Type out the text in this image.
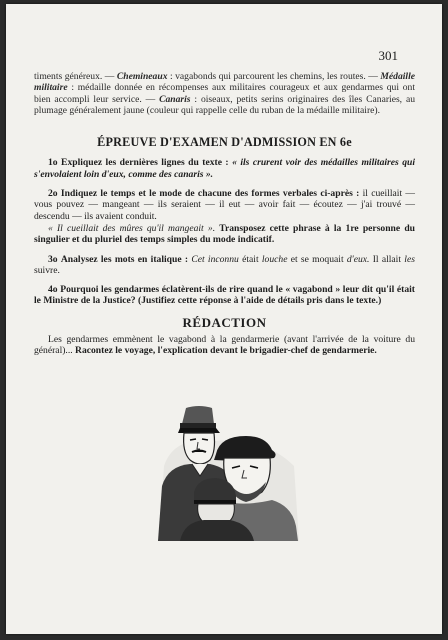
301
timents généreux. — Chemineaux : vagabonds qui parcourent les chemins, les routes. — Médaille militaire : médaille donnée en récompenses aux militaires courageux et aux gendarmes qui ont bien accompli leur service. — Canaris : oiseaux, petits serins originaires des îles Canaries, au plumage généralement jaune (couleur qui rappelle celle du ruban de la médaille militaire).
ÉPREUVE D'EXAMEN D'ADMISSION EN 6e
1o Expliquez les dernières lignes du texte : « ils crurent voir des médailles militaires qui s'envolaient loin d'eux, comme des canaris ».
2o Indiquez le temps et le mode de chacune des formes verbales ci-après : il cueillait — vous pouvez — mangeant — ils seraient — il eut — avoir fait — écoutez — j'ai trouvé — descendu — ils avaient conduit.
« Il cueillait des mûres qu'il mangeait ». Transposez cette phrase à la 1re personne du singulier et du pluriel des temps simples du mode indicatif.
3o Analysez les mots en italique : Cet inconnu était louche et se moquait d'eux. Il allait les suivre.
4o Pourquoi les gendarmes éclatèrent-ils de rire quand le « vagabond » leur dit qu'il était le Ministre de la Justice? (Justifiez cette réponse à l'aide de détails pris dans le texte.)
RÉDACTION
Les gendarmes emmènent le vagabond à la gendarmerie (avant l'arrivée de la voiture du général)... Racontez le voyage, l'explication devant le brigadier-chef de gendarmerie.
